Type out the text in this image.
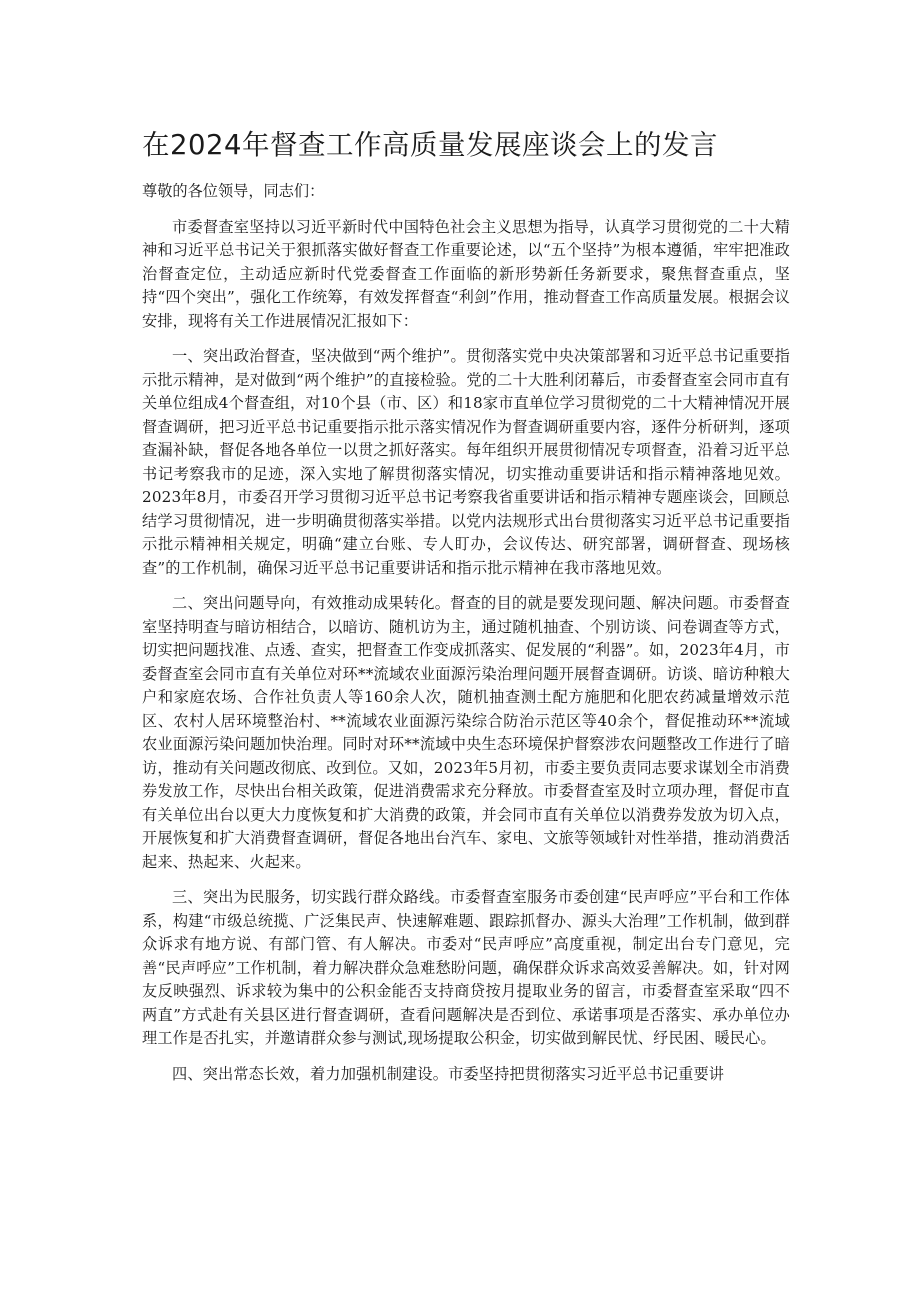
在2024年督查工作高质量发展座谈会上的发言

尊敬的各位领导，同志们：

市委督查室坚持以习近平新时代中国特色社会主义思想为指导，认真学习贯彻党的二十大精神和习近平总书记关于狠抓落实做好督查工作重要论述，以“五个坚持”为根本遵循，牢牢把准政治督查定位，主动适应新时代党委督查工作面临的新形势新任务新要求，聚焦督查重点，坚持“四个突出”，强化工作统筹，有效发挥督查“利剑”作用，推动督查工作高质量发展。根据会议安排，现将有关工作进展情况汇报如下：

一、突出政治督查，坚决做到“两个维护”。贯彻落实党中央决策部署和习近平总书记重要指示批示精神，是对做到“两个维护”的直接检验。党的二十大胜利闭幕后，市委督查室会同市直有关单位组成4个督查组，对10个县（市、区）和18家市直单位学习贯彻党的二十大精神情况开展督查调研，把习近平总书记重要指示批示落实情况作为督查调研重要内容，逐件分析研判，逐项查漏补缺，督促各地各单位一以贯之抓好落实。每年组织开展贯彻情况专项督查，沿着习近平总书记考察我市的足迹，深入实地了解贯彻落实情况，切实推动重要讲话和指示精神落地见效。2023年8月，市委召开学习贯彻习近平总书记考察我省重要讲话和指示精神专题座谈会，回顾总结学习贯彻情况，进一步明确贯彻落实举措。以党内法规形式出台贯彻落实习近平总书记重要指示批示精神相关规定，明确“建立台账、专人盯办，会议传达、研究部署，调研督查、现场核查”的工作机制，确保习近平总书记重要讲话和指示批示精神在我市落地见效。

二、突出问题导向，有效推动成果转化。督查的目的就是要发现问题、解决问题。市委督查室坚持明查与暗访相结合，以暗访、随机访为主，通过随机抽查、个别访谈、问卷调查等方式，切实把问题找准、点透、查实，把督查工作变成抓落实、促发展的“利器”。如，2023年4月，市委督查室会同市直有关单位对环**流域农业面源污染治理问题开展督查调研。访谈、暗访种粮大户和家庭农场、合作社负责人等160余人次，随机抽查测土配方施肥和化肥农药减量增效示范区、农村人居环境整治村、**流域农业面源污染综合防治示范区等40余个，督促推动环**流域农业面源污染问题加快治理。同时对环**流域中央生态环境保护督察涉农问题整改工作进行了暗访，推动有关问题改彻底、改到位。又如，2023年5月初，市委主要负责同志要求谋划全市消费券发放工作，尽快出台相关政策，促进消费需求充分释放。市委督查室及时立项办理，督促市直有关单位出台以更大力度恢复和扩大消费的政策，并会同市直有关单位以消费券发放为切入点，开展恢复和扩大消费督查调研，督促各地出台汽车、家电、文旅等领域针对性举措，推动消费活起来、热起来、火起来。

三、突出为民服务，切实践行群众路线。市委督查室服务市委创建“民声呼应”平台和工作体系，构建“市级总统揽、广泛集民声、快速解难题、跟踪抓督办、源头大治理”工作机制，做到群众诉求有地方说、有部门管、有人解决。市委对“民声呼应”高度重视，制定出台专门意见，完善“民声呼应”工作机制，着力解决群众急难愁盼问题，确保群众诉求高效妥善解决。如，针对网友反映强烈、诉求较为集中的公积金能否支持商贷按月提取业务的留言，市委督查室采取“四不两直”方式赴有关县区进行督查调研，查看问题解决是否到位、承诺事项是否落实、承办单位办理工作是否扎实，并邀请群众参与测试,现场提取公积金，切实做到解民忧、纾民困、暖民心。

四、突出常态长效，着力加强机制建设。市委坚持把贯彻落实习近平总书记重要讲
